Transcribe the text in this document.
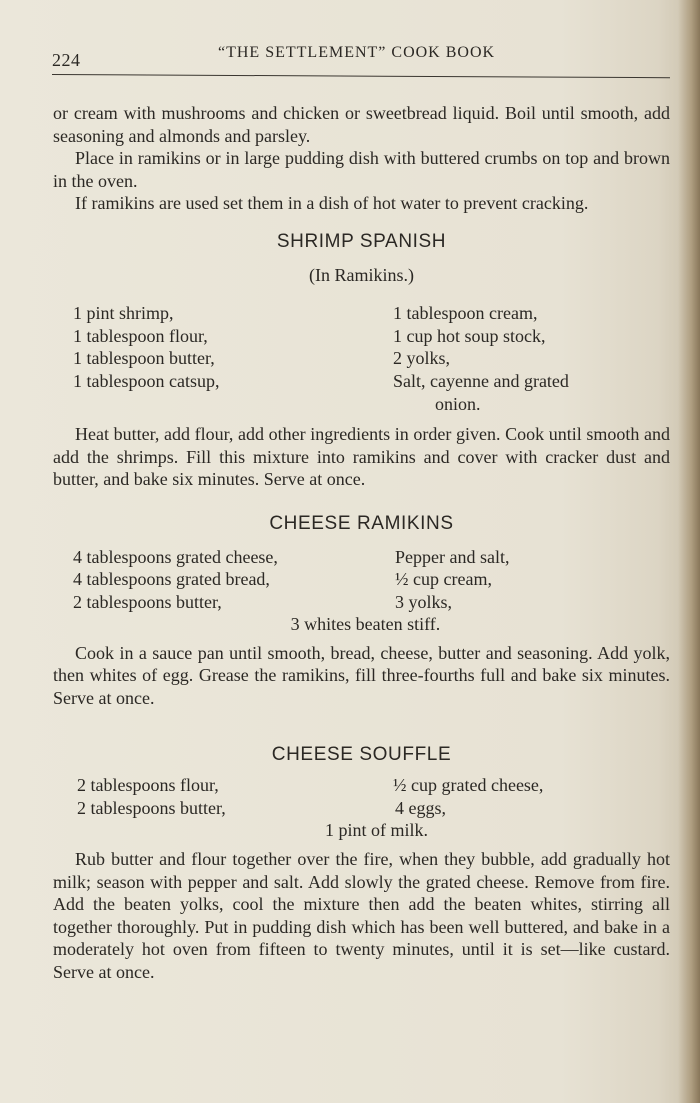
224	“THE SETTLEMENT” COOK BOOK

or cream with mushrooms and chicken or sweetbread liquid. Boil until smooth, add seasoning and almonds and parsley.

Place in ramikins or in large pudding dish with buttered crumbs on top and brown in the oven.

If ramikins are used set them in a dish of hot water to prevent cracking.

SHRIMP SPANISH

(In Ramikins.)

1 pint shrimp,
1 tablespoon flour,
1 tablespoon butter,
1 tablespoon catsup,
1 tablespoon cream,
1 cup hot soup stock,
2 yolks,
Salt, cayenne and grated
onion.

Heat butter, add flour, add other ingredients in order given. Cook until smooth and add the shrimps. Fill this mixture into ramikins and cover with cracker dust and butter, and bake six minutes. Serve at once.

CHEESE RAMIKINS
4 tablespoons grated cheese,
4 tablespoons grated bread,
2 tablespoons butter,
Pepper and salt,
½ cup cream,
3 yolks,
3 whites beaten stiff.

Cook in a sauce pan until smooth, bread, cheese, butter and seasoning. Add yolk, then whites of egg. Grease the ramikins, fill three-fourths full and bake six minutes. Serve at once.

CHEESE SOUFFLE
2 tablespoons flour,
2 tablespoons butter,
½ cup grated cheese,
4 eggs,
1 pint of milk.

Rub butter and flour together over the fire, when they bubble, add gradually hot milk; season with pepper and salt. Add slowly the grated cheese. Remove from fire. Add the beaten yolks, cool the mixture then add the beaten whites, stirring all together thoroughly. Put in pudding dish which has been well buttered, and bake in a moderately hot oven from fifteen to twenty minutes, until it is set—like custard. Serve at once.
